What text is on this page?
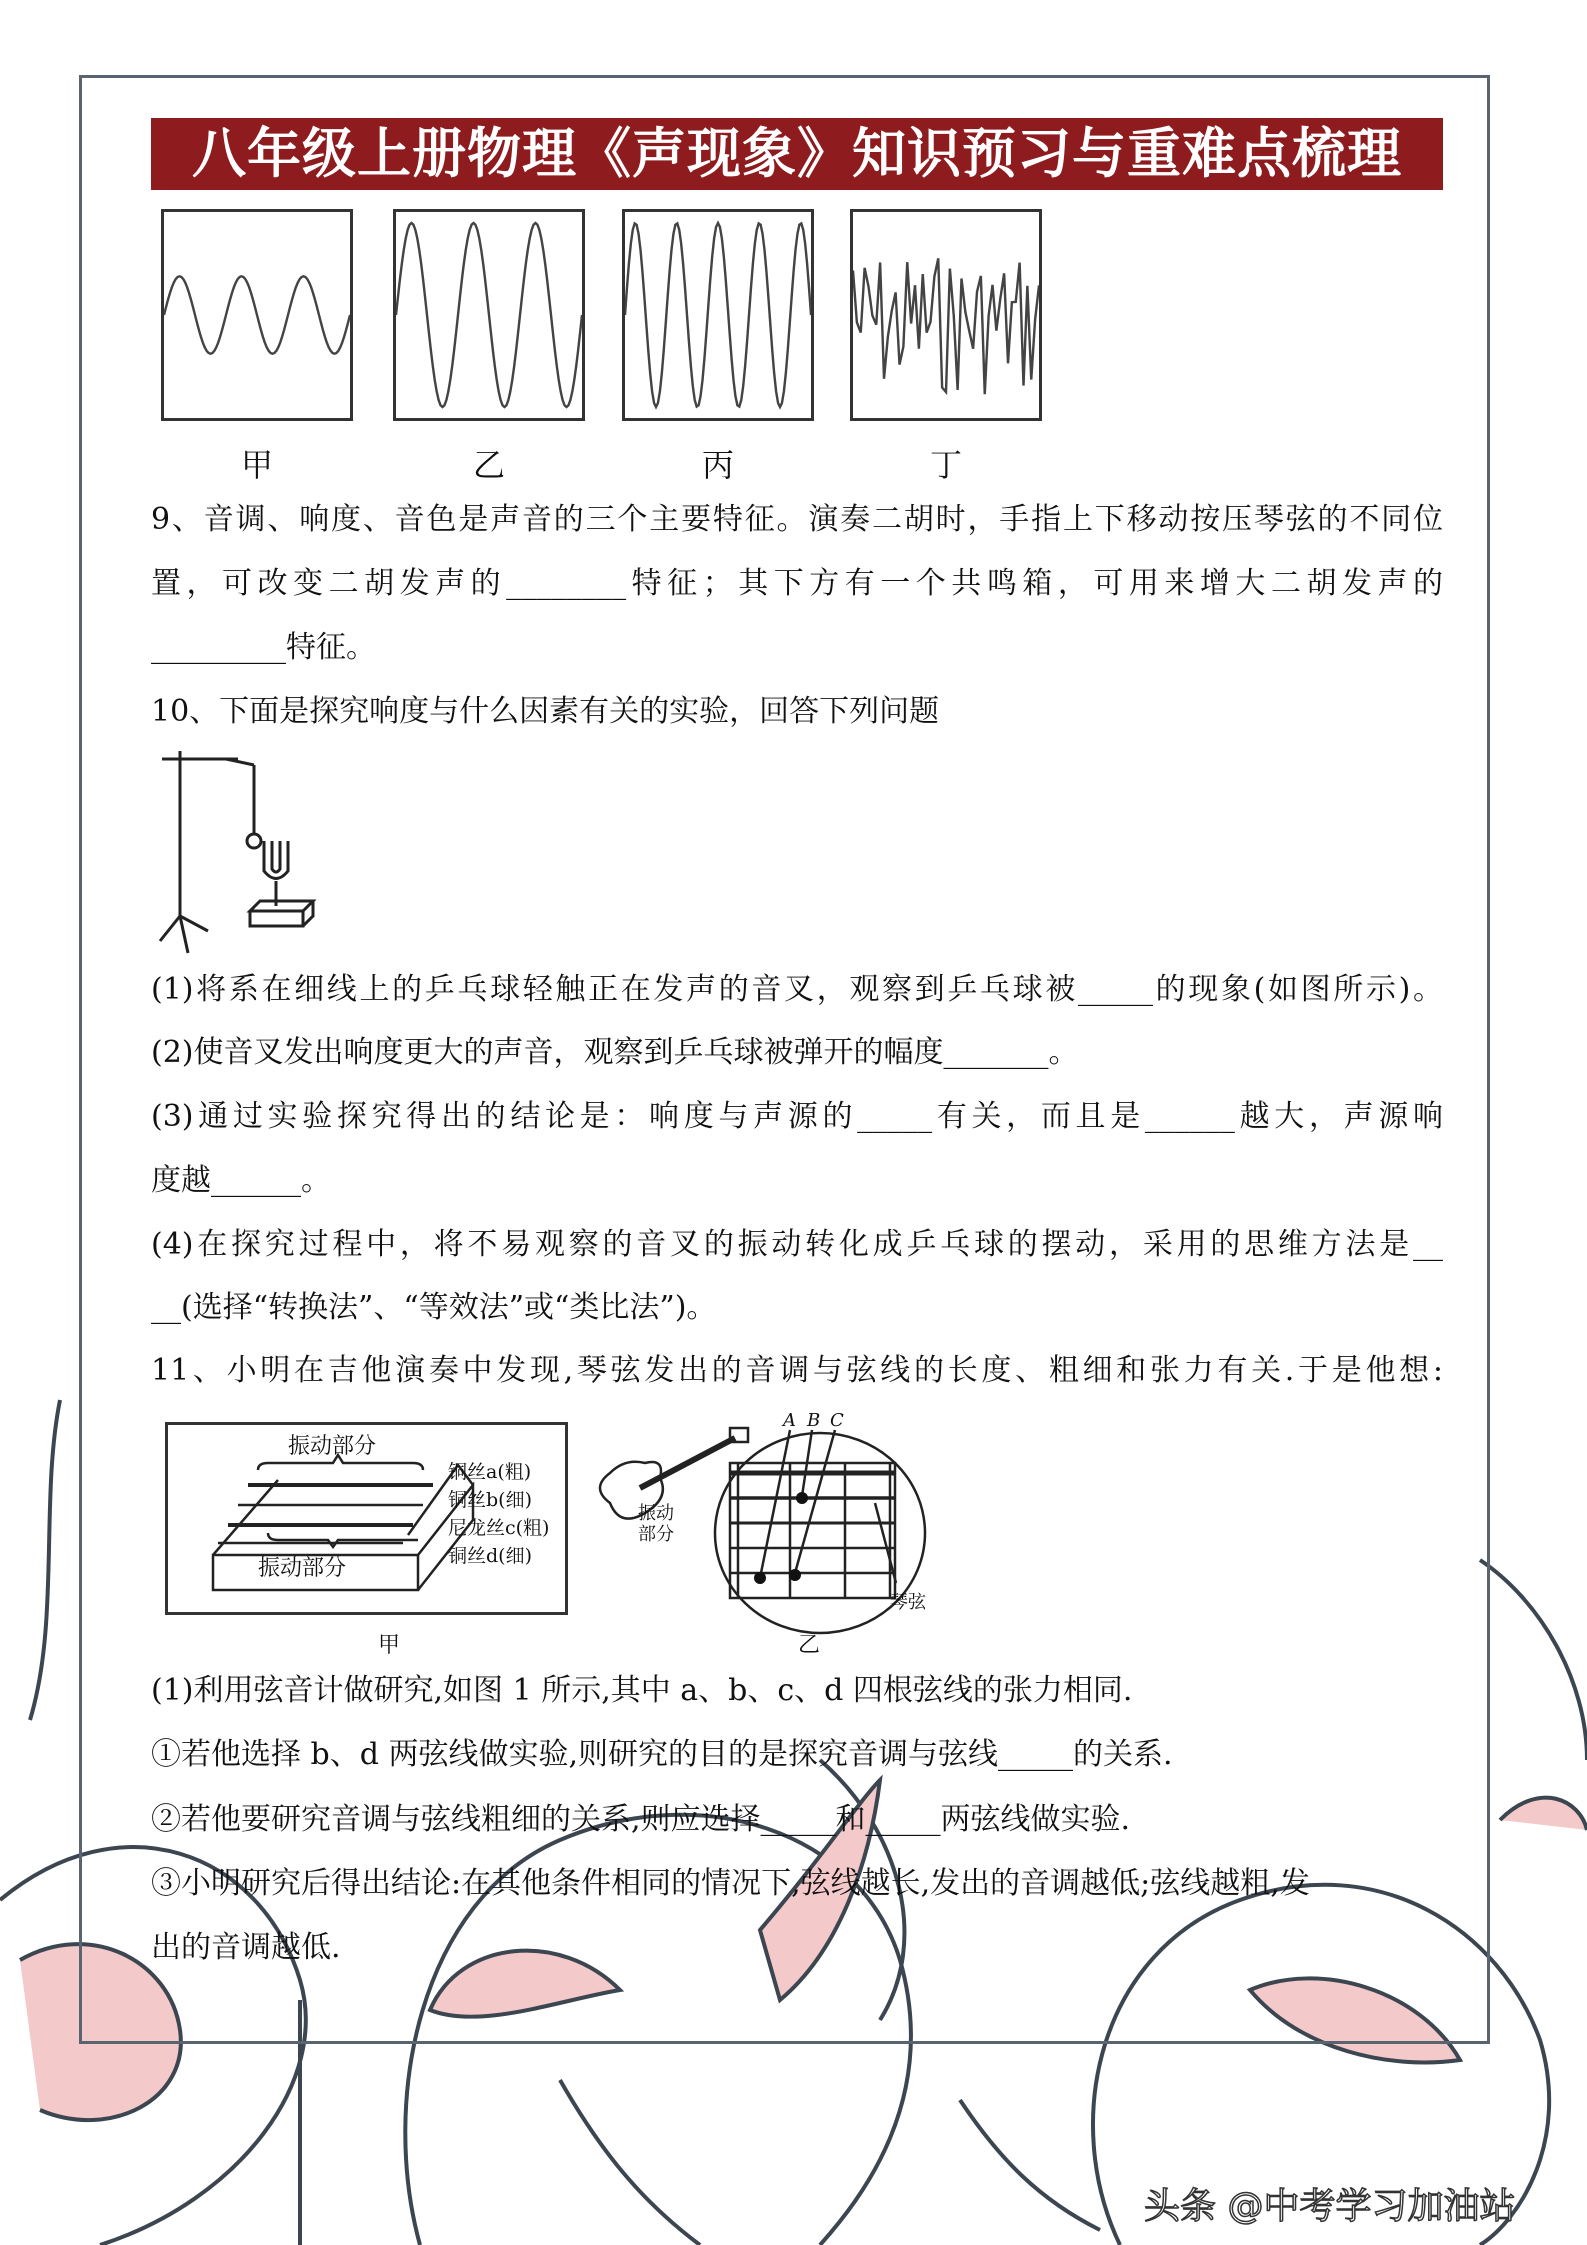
八年级上册物理《声现象》知识预习与重难点梳理
甲	乙	丙	丁
9、音调、响度、音色是声音的三个主要特征。演奏二胡时，手指上下移动按压琴弦的不同位
置，可改变二胡发声的________特征；其下方有一个共鸣箱，可用来增大二胡发声的
_________特征。
10、下面是探究响度与什么因素有关的实验，回答下列问题
(1)将系在细线上的乒乓球轻触正在发声的音叉，观察到乒乓球被_____的现象(如图所示)。
(2)使音叉发出响度更大的声音，观察到乒乓球被弹开的幅度_______。
(3)通过实验探究得出的结论是：响度与声源的_____有关，而且是______越大，声源响
度越______。
(4)在探究过程中，将不易观察的音叉的振动转化成乒乓球的摆动，采用的思维方法是__
__(选择“转换法”、“等效法”或“类比法”)。
11、小明在吉他演奏中发现,琴弦发出的音调与弦线的长度、粗细和张力有关.于是他想:
振动部分
振动部分
铜丝a(粗)
铜丝b(细)
尼龙丝c(粗)
铜丝d(细)
甲
A B C
振动部分
琴弦
乙
(1)利用弦音计做研究,如图 1 所示,其中 a、b、c、d 四根弦线的张力相同.
①若他选择 b、d 两弦线做实验,则研究的目的是探究音调与弦线_____的关系.
②若他要研究音调与弦线粗细的关系,则应选择_____和_____两弦线做实验.
③小明研究后得出结论:在其他条件相同的情况下,弦线越长,发出的音调越低;弦线越粗,发
出的音调越低.
头条 @中考学习加油站
